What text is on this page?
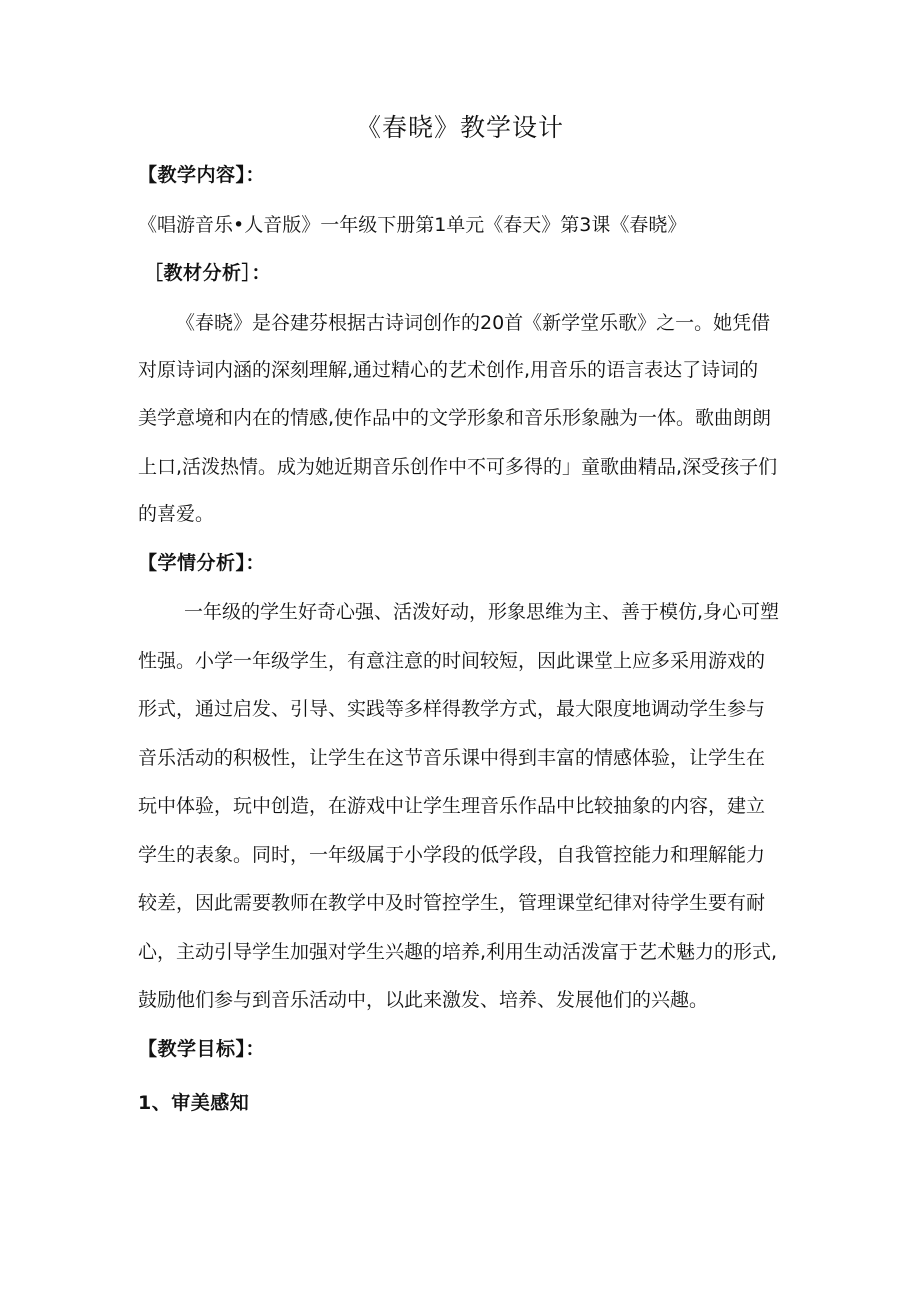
《春晓》教学设计
【教学内容】：
《唱游音乐•人音版》一年级下册第1单元《春天》第3课《春晓》
［教材分析］：
《春晓》是谷建芬根据古诗词创作的20首《新学堂乐歌》之一。她凭借
对原诗词内涵的深刻理解,通过精心的艺术创作,用音乐的语言表达了诗词的
美学意境和内在的情感,使作品中的文学形象和音乐形象融为一体。歌曲朗朗
上口,活泼热情。成为她近期音乐创作中不可多得的」童歌曲精品,深受孩子们
的喜爱。
【学情分析】：
一年级的学生好奇心强、活泼好动，形象思维为主、善于模仿,身心可塑
性强。小学一年级学生，有意注意的时间较短，因此课堂上应多采用游戏的
形式，通过启发、引导、实践等多样得教学方式，最大限度地调动学生参与
音乐活动的积极性，让学生在这节音乐课中得到丰富的情感体验，让学生在
玩中体验，玩中创造，在游戏中让学生理音乐作品中比较抽象的内容，建立
学生的表象。同时，一年级属于小学段的低学段，自我管控能力和理解能力
较差，因此需要教师在教学中及时管控学生，管理课堂纪律对待学生要有耐
心，主动引导学生加强对学生兴趣的培养,利用生动活泼富于艺术魅力的形式,
鼓励他们参与到音乐活动中，以此来激发、培养、发展他们的兴趣。
【教学目标】：
1、审美感知
